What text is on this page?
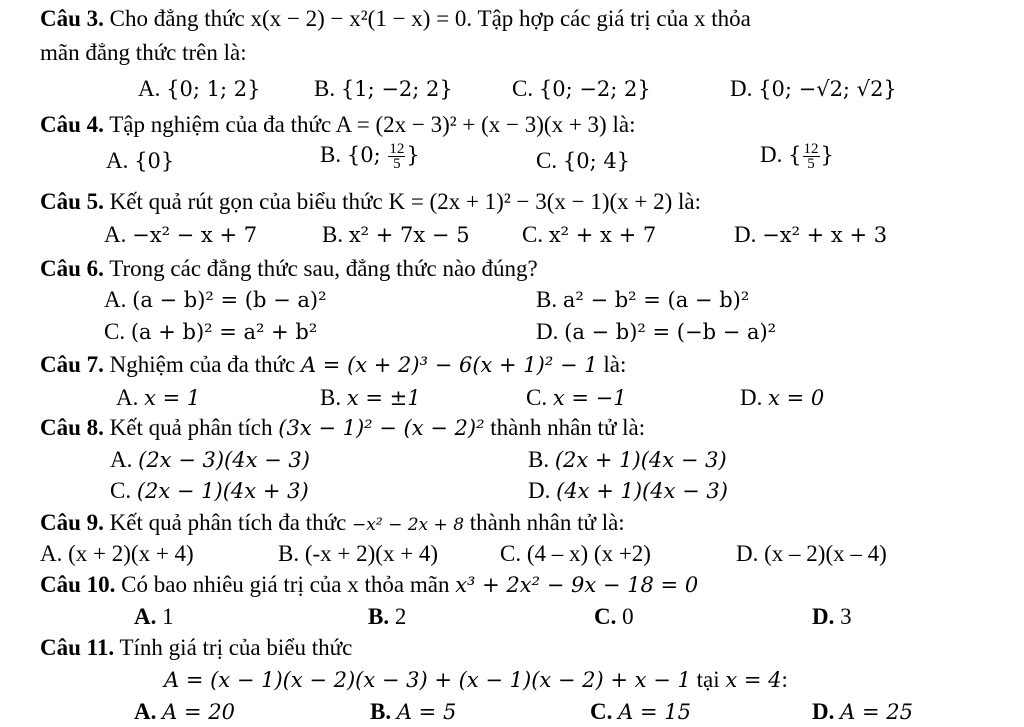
Câu 3. Cho đẳng thức x(x − 2) − x²(1 − x) = 0. Tập hợp các giá trị của x thỏa
mãn đẳng thức trên là:
A. {0; 1; 2} B. {1; −2; 2}	C. {0; −2; 2}	D. {0; −√2; √2}
Câu 4. Tập nghiệm của đa thức A = (2x − 3)² + (x − 3)(x + 3) là:
A. {0}	B. {0; $\frac{12}{5}$ }	C. {0; 4}	D. { $\frac{12}{5}$ }
Câu 5. Kết quả rút gọn của biểu thức K = (2x + 1)² − 3(x − 1)(x + 2) là:
A. −x² − x + 7	B. x² + 7x − 5 C. x² + x + 7	D. −x² + x + 3
Câu 6. Trong các đẳng thức sau, đẳng thức nào đúng?
A. (a − b)² = (b − a)²	B. a² − b² = (a − b)²
C. (a + b)² = a² + b²	D. (a − b)² = (−b − a)²
Câu 7. Nghiệm của đa thức A = (x + 2)³ − 6(x + 1)² − 1 là:
A. x = 1	B. x = ±1	C. x = −1	D. x = 0
Câu 8. Kết quả phân tích (3x − 1)² − (x − 2)² thành nhân tử là:
A. (2x − 3)(4x − 3)	B. (2x + 1)(4x − 3)
C. (2x − 1)(4x + 3)	D. (4x + 1)(4x − 3)
Câu 9. Kết quả phân tích đa thức −x² − 2x + 8 thành nhân tử là:
A. (x + 2)(x + 4)	B. (-x + 2)(x + 4)	C. (4 – x) (x +2)	D. (x – 2)(x – 4)
Câu 10. Có bao nhiêu giá trị của x thỏa mãn x³ + 2x² − 9x − 18 = 0
A. 1	B. 2	C. 0	D. 3
Câu 11. Tính giá trị của biểu thức
A = (x − 1)(x − 2)(x − 3) + (x − 1)(x − 2) + x − 1 tại x = 4:
A. A = 20	B. A = 5	C. A = 15	D. A = 25
